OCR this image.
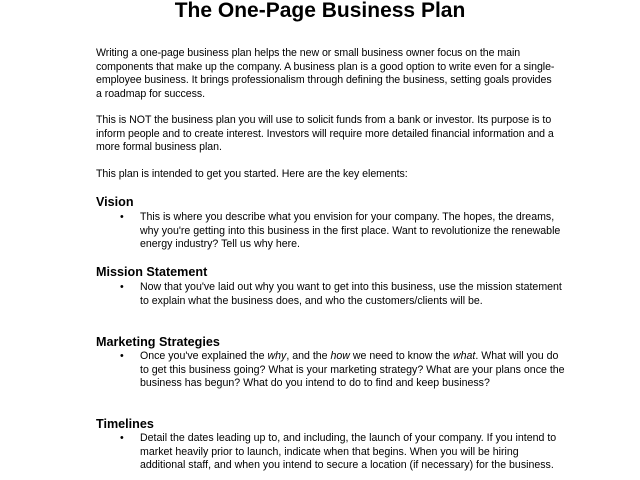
The One-Page Business Plan

Writing a one-page business plan helps the new or small business owner focus on the main components that make up the company. A business plan is a good option to write even for a single-employee business. It brings professionalism through defining the business, setting goals provides a roadmap for success.

This is NOT the business plan you will use to solicit funds from a bank or investor. Its purpose is to inform people and to create interest. Investors will require more detailed financial information and a more formal business plan.

This plan is intended to get you started. Here are the key elements:

Vision
•	This is where you describe what you envision for your company. The hopes, the dreams, why you're getting into this business in the first place. Want to revolutionize the renewable energy industry? Tell us why here.
Mission Statement
•	Now that you've laid out why you want to get into this business, use the mission statement to explain what the business does, and who the customers/clients will be.
Marketing Strategies
•	Once you've explained the why, and the how we need to know the what. What will you do to get this business going? What is your marketing strategy? What are your plans once the business has begun? What do you intend to do to find and keep business?
Timelines
•	Detail the dates leading up to, and including, the launch of your company. If you intend to market heavily prior to launch, indicate when that begins. When you will be hiring additional staff, and when you intend to secure a location (if necessary) for the business.
